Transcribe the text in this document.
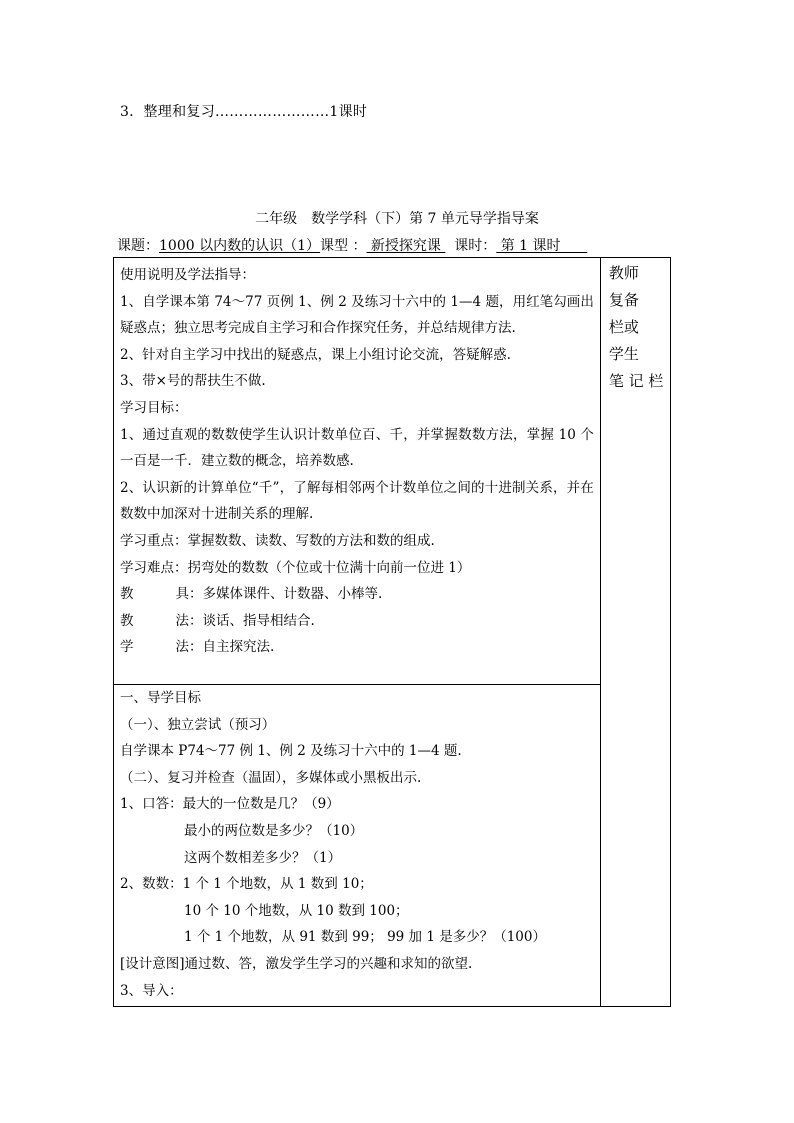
3．整理和复习……………………1课时
二年级　数学学科（下）第 7 单元导学指导案
课题：1000 以内数的认识（1）课型 ： 新授探究课   课时： 第 1 课时
使用说明及学法指导：
1、自学课本第 74～77 页例 1、例 2 及练习十六中的 1—4 题，用红笔勾画出疑惑点；独立思考完成自主学习和合作探究任务，并总结规律方法.
2、针对自主学习中找出的疑惑点，课上小组讨论交流，答疑解惑.
3、带×号的帮扶生不做.
学习目标：
1、通过直观的数数使学生认识计数单位百、千，并掌握数数方法，掌握 10 个一百是一千．建立数的概念，培养数感.
2、认识新的计算单位“千”，了解每相邻两个计数单位之间的十进制关系，并在数数中加深对十进制关系的理解.
学习重点：掌握数数、读数、写数的方法和数的组成.
学习难点：拐弯处的数数（个位或十位满十向前一位进 1）
教	具：多媒体课件、计数器、小棒等.
教	法：谈话、指导相结合.
学	法：自主探究法.

教师
复备
栏或
学生
笔 记 栏

一、导学目标
（一）、独立尝试（预习）
自学课本 P74～77 例 1、例 2 及练习十六中的 1—4 题.
（二）、复习并检查（温固），多媒体或小黑板出示.
1、口答：最大的一位数是几？（9）
最小的两位数是多少？（10）
这两个数相差多少？（1）
2、数数：1 个 1 个地数，从 1 数到 10；
10 个 10 个地数，从 10 数到 100；
1 个 1 个地数，从 91 数到 99； 99 加 1 是多少？（100）
[设计意图]通过数、答，激发学生学习的兴趣和求知的欲望.
3、导入：
